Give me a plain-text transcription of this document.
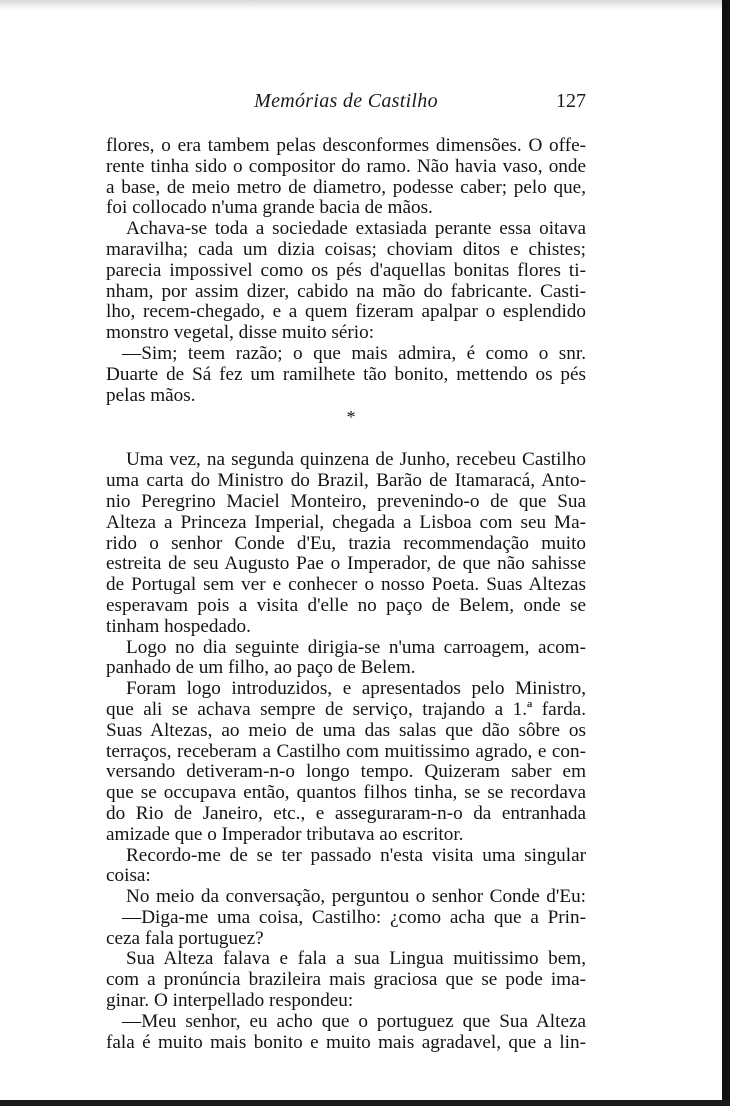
Memórias de Castilho	127
flores, o era tambem pelas desconformes dimensões. O offe-
rente tinha sido o compositor do ramo. Não havia vaso, onde
a base, de meio metro de diametro, podesse caber; pelo que,
foi collocado n'uma grande bacia de mãos.
Achava-se toda a sociedade extasiada perante essa oitava
maravilha; cada um dizia coisas; choviam ditos e chistes;
parecia impossivel como os pés d'aquellas bonitas flores ti-
nham, por assim dizer, cabido na mão do fabricante. Casti-
lho, recem-chegado, e a quem fizeram apalpar o esplendido
monstro vegetal, disse muito sério:
—Sim; teem razão; o que mais admira, é como o snr.
Duarte de Sá fez um ramilhete tão bonito, mettendo os pés
pelas mãos.
*
Uma vez, na segunda quinzena de Junho, recebeu Castilho
uma carta do Ministro do Brazil, Barão de Itamaracá, Anto-
nio Peregrino Maciel Monteiro, prevenindo-o de que Sua
Alteza a Princeza Imperial, chegada a Lisboa com seu Ma-
rido o senhor Conde d'Eu, trazia recommendação muito
estreita de seu Augusto Pae o Imperador, de que não sahisse
de Portugal sem ver e conhecer o nosso Poeta. Suas Altezas
esperavam pois a visita d'elle no paço de Belem, onde se
tinham hospedado.
Logo no dia seguinte dirigia-se n'uma carroagem, acom-
panhado de um filho, ao paço de Belem.
Foram logo introduzidos, e apresentados pelo Ministro,
que ali se achava sempre de serviço, trajando a 1.ª farda.
Suas Altezas, ao meio de uma das salas que dão sôbre os
terraços, receberam a Castilho com muitissimo agrado, e con-
versando detiveram-n-o longo tempo. Quizeram saber em
que se occupava então, quantos filhos tinha, se se recordava
do Rio de Janeiro, etc., e asseguraram-n-o da entranhada
amizade que o Imperador tributava ao escritor.
Recordo-me de se ter passado n'esta visita uma singular
coisa:
No meio da conversação, perguntou o senhor Conde d'Eu:
—Diga-me uma coisa, Castilho: ¿como acha que a Prin-
ceza fala portuguez?
Sua Alteza falava e fala a sua Lingua muitissimo bem,
com a pronúncia brazileira mais graciosa que se pode ima-
ginar. O interpellado respondeu:
—Meu senhor, eu acho que o portuguez que Sua Alteza
fala é muito mais bonito e muito mais agradavel, que a lin-
